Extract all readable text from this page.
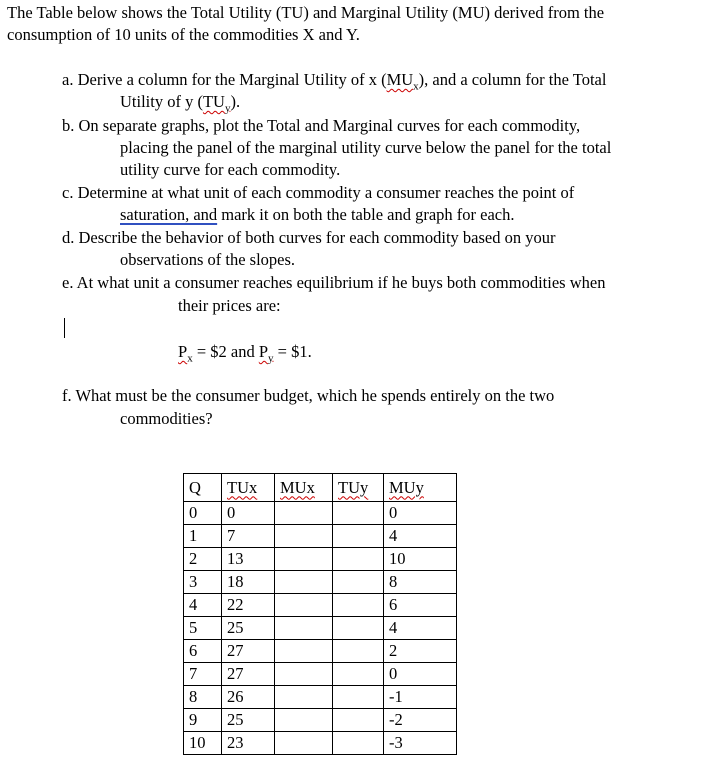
The Table below shows the Total Utility (TU) and Marginal Utility (MU) derived from the
consumption of 10 units of the commodities X and Y.
a. Derive a column for the Marginal Utility of x $(MU_x)$, and a column for the Total
Utility of y $(TU_y)$.
b. On separate graphs, plot the Total and Marginal curves for each commodity,
placing the panel of the marginal utility curve below the panel for the total
utility curve for each commodity.
c. Determine at what unit of each commodity a consumer reaches the point of
saturation, and mark it on both the table and graph for each.
d. Describe the behavior of both curves for each commodity based on your
observations of the slopes.
e. At what unit a consumer reaches equilibrium if he buys both commodities when
their prices are:
$P_x$ = $2 and $P_y$ = $1.
f. What must be the consumer budget, which he spends entirely on the two
commodities?
Q	TUx	MUx	TUy	MUy
0	0			0
1	7			4
2	13			10
3	18			8
4	22			6
5	25			4
6	27			2
7	27			0
8	26			-1
9	25			-2
10	23			-3
